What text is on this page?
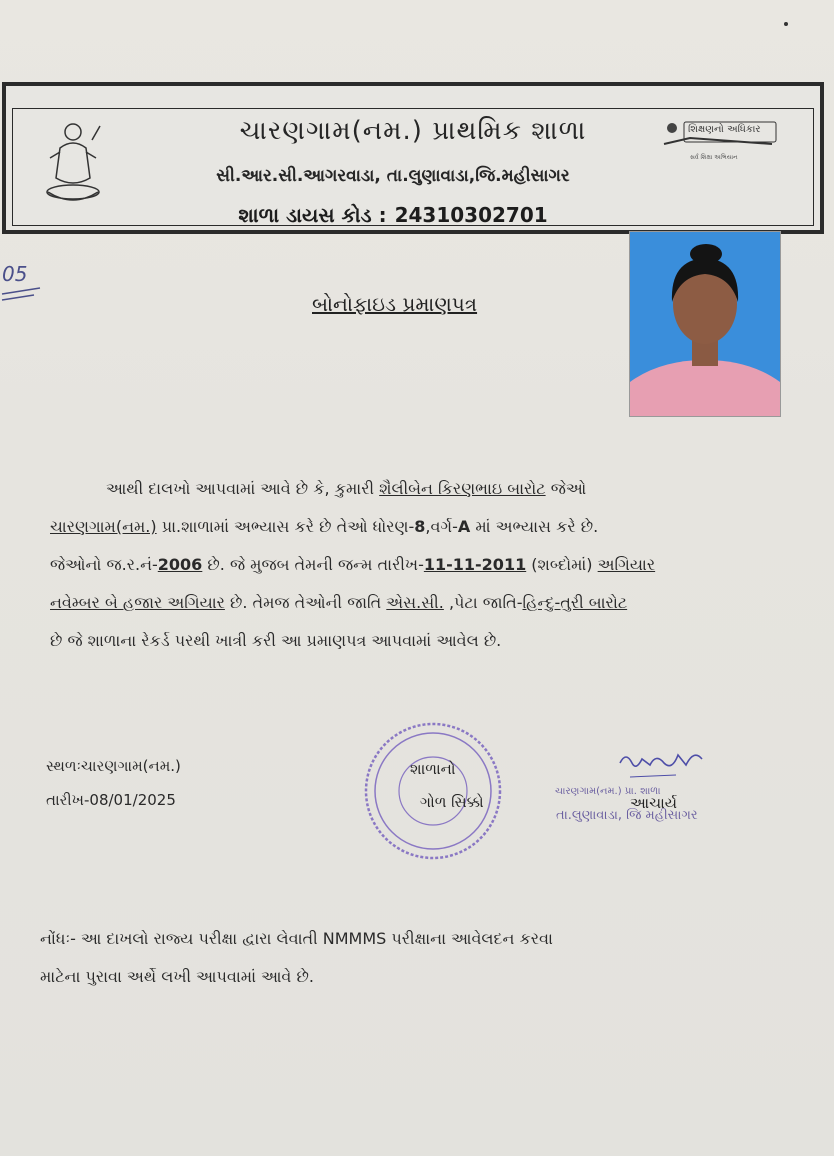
ચારણગામ(નમ.) પ્રાથમિક શાળા
સી.આર.સી.આગરવાડા, તા.લુણાવાડા,જિ.મહીસાગર
શાળા ડાયસ કોડ : 24310302701
શિક્ષણનો અધિકાર
સર્વ શિક્ષા અભિયાન
05
બોનોફાઇડ પ્રમાણપત્ર
આથી દાલખો આપવામાં આવે છે કે, કુમારી શૈલીબેન કિરણભાઇ બારોટ જેઓ
ચારણગામ(નમ.) પ્રા.શાળામાં અભ્યાસ કરે છે તેઓ ધોરણ-8,વર્ગ-A માં અભ્યાસ કરે છે.
જેઓનો જ.ર.નં-2006 છે. જે મુજબ તેમની જન્મ તારીખ-11-11-2011 (શબ્દોમાં) અગિયાર
નવેમ્બર બે હજાર અગિયાર છે. તેમજ તેઓની જાતિ એસ.સી. ,પેટા જાતિ-હિન્દુ-તુરી બારોટ
છે જે શાળાના રેકર્ડ પરથી ખાત્રી કરી આ પ્રમાણપત્ર આપવામાં આવેલ છે.
સ્થળઃચારણગામ(નમ.)
તારીખ-08/01/2025
શાળાનો
ગોળ સિક્કો
ચારણગામ(નમ.) પ્રા. શાળા
આચાર્ય
તા.લુણાવાડા, જિ મહીસાગર
નોંધઃ- આ દાખલો રાજ્ય પરીક્ષા દ્વારા લેવાતી NMMMS પરીક્ષાના આવેલદન કરવા
માટેના પુરાવા અર્થે લખી આપવામાં આવે છે.
